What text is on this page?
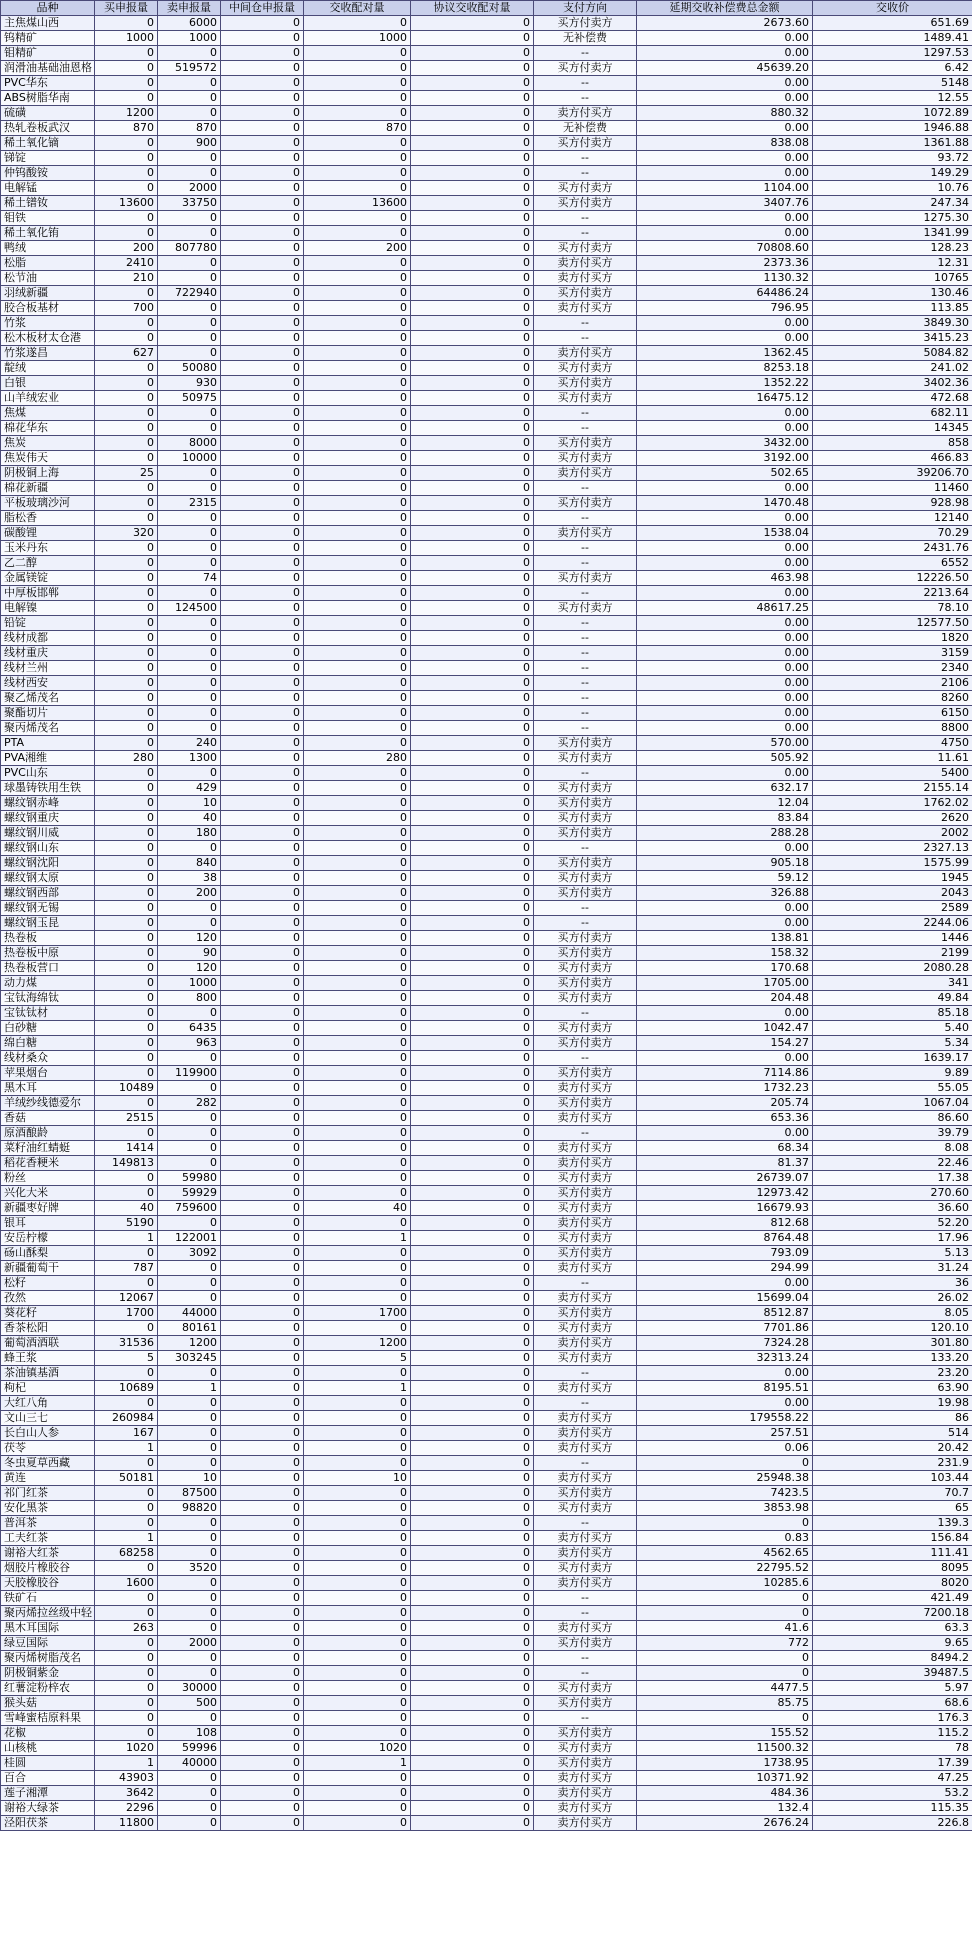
品种	买申报量	卖申报量	中间仓申报量	交收配对量	协议交收配对量	支付方向	延期交收补偿费总金额	交收价
主焦煤山西	0	6000	0	0	0	买方付卖方	2673.60	651.69
钨精矿	1000	1000	0	1000	0	无补偿费	0.00	1489.41
钼精矿	0	0	0	0	0	--	0.00	1297.53
润滑油基础油恩格	0	519572	0	0	0	买方付卖方	45639.20	6.42
PVC华东	0	0	0	0	0	--	0.00	5148
ABS树脂华南	0	0	0	0	0	--	0.00	12.55
硫磺	1200	0	0	0	0	卖方付买方	880.32	1072.89
热轧卷板武汉	870	870	0	870	0	无补偿费	0.00	1946.88
稀土氧化镝	0	900	0	0	0	买方付卖方	838.08	1361.88
锑锭	0	0	0	0	0	--	0.00	93.72
仲钨酸铵	0	0	0	0	0	--	0.00	149.29
电解锰	0	2000	0	0	0	买方付卖方	1104.00	10.76
稀土镨钕	13600	33750	0	13600	0	买方付卖方	3407.76	247.34
钼铁	0	0	0	0	0	--	0.00	1275.30
稀土氧化铕	0	0	0	0	0	--	0.00	1341.99
鸭绒	200	807780	0	200	0	买方付卖方	70808.60	128.23
松脂	2410	0	0	0	0	卖方付买方	2373.36	12.31
松节油	210	0	0	0	0	卖方付买方	1130.32	10765
羽绒新疆	0	722940	0	0	0	买方付卖方	64486.24	130.46
胶合板基材	700	0	0	0	0	卖方付买方	796.95	113.85
竹浆	0	0	0	0	0	--	0.00	3849.30
松木板材太仓港	0	0	0	0	0	--	0.00	3415.23
竹浆遂昌	627	0	0	0	0	卖方付买方	1362.45	5084.82
靛绒	0	50080	0	0	0	买方付卖方	8253.18	241.02
白银	0	930	0	0	0	买方付卖方	1352.22	3402.36
山羊绒宏业	0	50975	0	0	0	买方付卖方	16475.12	472.68
焦煤	0	0	0	0	0	--	0.00	682.11
棉花华东	0	0	0	0	0	--	0.00	14345
焦炭	0	8000	0	0	0	买方付卖方	3432.00	858
焦炭伟天	0	10000	0	0	0	买方付卖方	3192.00	466.83
阴极铜上海	25	0	0	0	0	卖方付买方	502.65	39206.70
棉花新疆	0	0	0	0	0	--	0.00	11460
平板玻璃沙河	0	2315	0	0	0	买方付卖方	1470.48	928.98
脂松香	0	0	0	0	0	--	0.00	12140
碳酸锂	320	0	0	0	0	卖方付买方	1538.04	70.29
玉米丹东	0	0	0	0	0	--	0.00	2431.76
乙二醇	0	0	0	0	0	--	0.00	6552
金属镁锭	0	74	0	0	0	买方付卖方	463.98	12226.50
中厚板邯郸	0	0	0	0	0	--	0.00	2213.64
电解镍	0	124500	0	0	0	买方付卖方	48617.25	78.10
铅锭	0	0	0	0	0	--	0.00	12577.50
线材成都	0	0	0	0	0	--	0.00	1820
线材重庆	0	0	0	0	0	--	0.00	3159
线材兰州	0	0	0	0	0	--	0.00	2340
线材西安	0	0	0	0	0	--	0.00	2106
聚乙烯茂名	0	0	0	0	0	--	0.00	8260
聚酯切片	0	0	0	0	0	--	0.00	6150
聚丙烯茂名	0	0	0	0	0	--	0.00	8800
PTA	0	240	0	0	0	买方付卖方	570.00	4750
PVA湘维	280	1300	0	280	0	买方付卖方	505.92	11.61
PVC山东	0	0	0	0	0	--	0.00	5400
球墨铸铁用生铁	0	429	0	0	0	买方付卖方	632.17	2155.14
螺纹钢赤峰	0	10	0	0	0	买方付卖方	12.04	1762.02
螺纹钢重庆	0	40	0	0	0	买方付卖方	83.84	2620
螺纹钢川威	0	180	0	0	0	买方付卖方	288.28	2002
螺纹钢山东	0	0	0	0	0	--	0.00	2327.13
螺纹钢沈阳	0	840	0	0	0	买方付卖方	905.18	1575.99
螺纹钢太原	0	38	0	0	0	买方付卖方	59.12	1945
螺纹钢西部	0	200	0	0	0	买方付卖方	326.88	2043
螺纹钢无锡	0	0	0	0	0	--	0.00	2589
螺纹钢玉昆	0	0	0	0	0	--	0.00	2244.06
热卷板	0	120	0	0	0	买方付卖方	138.81	1446
热卷板中原	0	90	0	0	0	买方付卖方	158.32	2199
热卷板营口	0	120	0	0	0	买方付卖方	170.68	2080.28
动力煤	0	1000	0	0	0	买方付卖方	1705.00	341
宝钛海绵钛	0	800	0	0	0	买方付卖方	204.48	49.84
宝钛钛材	0	0	0	0	0	--	0.00	85.18
白砂糖	0	6435	0	0	0	买方付卖方	1042.47	5.40
绵白糖	0	963	0	0	0	买方付卖方	154.27	5.34
线材桑众	0	0	0	0	0	--	0.00	1639.17
苹果烟台	0	119900	0	0	0	买方付卖方	7114.86	9.89
黑木耳	10489	0	0	0	0	卖方付买方	1732.23	55.05
羊绒纱线德爱尔	0	282	0	0	0	买方付卖方	205.74	1067.04
香菇	2515	0	0	0	0	卖方付买方	653.36	86.60
原酒酿龄	0	0	0	0	0	--	0.00	39.79
菜籽油红蜻蜓	1414	0	0	0	0	卖方付买方	68.34	8.08
稻花香粳米	149813	0	0	0	0	卖方付买方	81.37	22.46
粉丝	0	59980	0	0	0	买方付卖方	26739.07	17.38
兴化大米	0	59929	0	0	0	买方付卖方	12973.42	270.60
新疆枣好牌	40	759600	0	40	0	买方付卖方	16679.93	36.60
银耳	5190	0	0	0	0	卖方付买方	812.68	52.20
安岳柠檬	1	122001	0	1	0	买方付卖方	8764.48	17.96
砀山酥梨	0	3092	0	0	0	买方付卖方	793.09	5.13
新疆葡萄干	787	0	0	0	0	卖方付买方	294.99	31.24
松籽	0	0	0	0	0	--	0.00	36
孜然	12067	0	0	0	0	卖方付买方	15699.04	26.02
葵花籽	1700	44000	0	1700	0	买方付卖方	8512.87	8.05
香茶松阳	0	80161	0	0	0	买方付卖方	7701.86	120.10
葡萄酒酒联	31536	1200	0	1200	0	卖方付买方	7324.28	301.80
蜂王浆	5	303245	0	5	0	买方付卖方	32313.24	133.20
茶油镇基酒	0	0	0	0	0	--	0.00	23.20
枸杞	10689	1	0	1	0	卖方付买方	8195.51	63.90
大红八角	0	0	0	0	0	--	0.00	19.98
文山三七	260984	0	0	0	0	卖方付买方	179558.22	86
长白山人参	167	0	0	0	0	卖方付买方	257.51	514
茯苓	1	0	0	0	0	卖方付买方	0.06	20.42
冬虫夏草西藏	0	0	0	0	0	--	0	231.9
黄连	50181	10	0	10	0	卖方付买方	25948.38	103.44
祁门红茶	0	87500	0	0	0	买方付卖方	7423.5	70.7
安化黑茶	0	98820	0	0	0	买方付卖方	3853.98	65
普洱茶	0	0	0	0	0	--	0	139.3
工夫红茶	1	0	0	0	0	卖方付买方	0.83	156.84
谢裕大红茶	68258	0	0	0	0	卖方付买方	4562.65	111.41
烟胶片橡胶谷	0	3520	0	0	0	买方付卖方	22795.52	8095
天胶橡胶谷	1600	0	0	0	0	卖方付买方	10285.6	8020
铁矿石	0	0	0	0	0	--	0	421.49
聚丙烯拉丝级中轻	0	0	0	0	0	--	0	7200.18
黑木耳国际	263	0	0	0	0	卖方付买方	41.6	63.3
绿豆国际	0	2000	0	0	0	买方付卖方	772	9.65
聚丙烯树脂茂名	0	0	0	0	0	--	0	8494.2
阴极铜紫金	0	0	0	0	0	--	0	39487.5
红薯淀粉梓农	0	30000	0	0	0	买方付卖方	4477.5	5.97
猴头菇	0	500	0	0	0	买方付卖方	85.75	68.6
雪峰蜜桔原料果	0	0	0	0	0	--	0	176.3
花椒	0	108	0	0	0	买方付卖方	155.52	115.2
山核桃	1020	59996	0	1020	0	买方付卖方	11500.32	78
桂圆	1	40000	0	1	0	买方付卖方	1738.95	17.39
百合	43903	0	0	0	0	卖方付买方	10371.92	47.25
莲子湘潭	3642	0	0	0	0	卖方付买方	484.36	53.2
谢裕大绿茶	2296	0	0	0	0	卖方付买方	132.4	115.35
泾阳茯茶	11800	0	0	0	0	卖方付买方	2676.24	226.8
